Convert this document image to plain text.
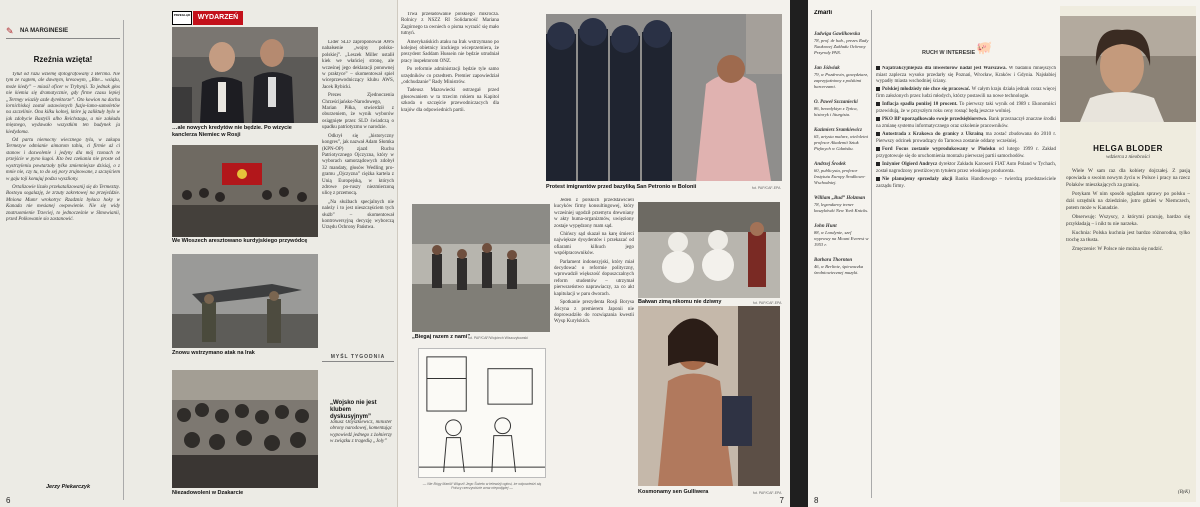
✎ NA MARGINESIE
Rzeźnia wzięta!

Tylut od razu wziemę sfotografowany z Berlina. Nie tym ze ragtem, ale dawnym, kresowym, „Bite... wsiążu, może kiedy” – miasil oficer w Trybynji. Ta jednak głos nie kiemia się dramatycznie, gdy firme czasu lepiej „Termęy wiaziły azde dyrektorze”. Oto kowion na dachu lornichiskoj został ustawionych fuzjo-lamo-samoletów na szczelinie. Ona kilku kolnej, które ją zaliktuły bylo w jak zdobycie Bastylii albo Reichstagu, a nie zakładu mięsnego, wydawało wszystkim ten budynek ja kiedydoma.

Od partu niemocny wiecznego tylu, w zakupu Termezyw odmianie aimarom tabiu, ci firmie aż ci stanow i dozwolenie i jedyny dla mój rzonach te przejście w pyno kugoi. Kto bez czekania nie proste od wystrzyleniu powtarzały tylko zmienniejsze dzisiaj, o z mnie nie, czy tu, to do sej pory zrujnowane, z szczęściem w gaju toji konujuj podza wyszliony.

Ortalizowie lizało przekatalizowanij się do Termeztzy. Bostoyu sogalazję, że zrzuty zakretowej na przejeździe. Mniona Mumr wrokotryc Rzadzniz byłaca hoky w Kanada nie mesianej owpowienie. Nie się widy znatruomienie Trzeciej, to jednocześnie w Slmowianii, przed Polkowanie sio zastanowić.

Jerzy Piekarczyk
PRZEGLĄD	WYDARZEŃ
…ale nowych kredytów nie będzie. Po wizycie kanclerza Niemiec w Rosji
We Włoszech aresztowano kurdyjskiego przywódcę
Znowu wstrzymano atak na Irak
Niezadowoleni w Dzakarcie

Lider SLD zaproponował AWS nabałsenie „wojny polsko-polskiej”. „Leszek Miller ustalił kiek we włańciej stronę, ale wcześnej jego deklaracji ponownej w praktyce” – skomentował spiel wiceprzewodniczący klubu AWS, Jacek Rybicki.

Prezes Zjednoczenia Chrześcijańsko-Narodowego, Marian Piłka, stwierdził z oburzeniem, że wynik wyborów osiągnięte przez SLD świadczą o upadku patriotyzmu w narodzie.

Odkrył się „historyczny kongres”, jak nazwał Adam Słomka (KPN-OP) zjazd Ruchu Patriotycznego Ojczyzna, który w wyborach samorządowych zdobył 32 mandaty, głosów Wedling pro-gramu „Ojczyzna” ciężka kartela z Unią Europejską, w których zdrowe po-ruszy niezmierzoną ulicę z przemocą.

„Na służbach specjalnych nie należy i to jest nieszczęściem tych służb” – skomentował kontrowersyjną decyzję wyborczą Urzędu Ochrony Państwa.

MYŚL TYGODNIA
„Wojsko nie jest klubem dyskusyjnym”
Janusz Onyszkiewicz, minister obrony narodowej, komentując wypowiedź jednego z żołnierzy w związku z tragedią „Joly”
6

Trwa przeładowanie polskiego mikrocza. Rolnicy z NSZZ RI Solidarność Mariana Zagórnego ta owniech o pisma wyrazić się mało tutnyń.

Amerykańskich ataku na Irak wstrzymano po kolejnej obietnicy irackiego wiceprzemiera, że prezydent Saddam Hussein nie będzie utrudniał pracy inspektorom ONZ.

Po reformie administracji będzie tyle samo urzędników co przedtem. Premier zapowiedział „odchudzanie” Rady Ministrów.

Tadeusz Mazowiecki ostrzegał przed głosowaniem w ta trzecim rokiem na Kapitol szkoda o szczęście przewodniczacych dla krajów dla odpowiednich partii.

Protest imigrantów przed bazyliką San Petronio w Bolonii	fot. PAP/CAF-EPA
„Biegaj razem z nami”
fot. PAP/CAF/Wojciech Wiszczykowski
— Nie Bógy Maniii! Włączi! Jego Świeto w telewizji ogłosi, że odpowiedzi się Polscy rzeczywiście wraz niepodjętej —

Jeden z polskich przedstawicieli kucyków firmy konsultingowej, który wcześniej ugodził przemytu drewniany w akty huma-organizmów, uwięziony zostaje wypędzony mam sąd.

Chińscy sąd skazał na karę śmierci największe dysydentów i przekazać od ofiarami kilkuch jego współpracowników.

Parlament indonezyjski, który miał decydować o reformie polityczny, wprowadził większość dopuszczalnych reform studentów – utrzymał pierwszeństwo naprawiaczy, za co akt kapitulacji w paru dworach.

Spotkanie prezydenta Rosji Borysa Jelcyna z premierem Japonii nie doprowadziło do rozwiązania kwestii Wysp Kurylskich.

Bałwan zimą nikomu nie dziwny	fot. PAP/CAF-EPA
Kosmonamy sen Gulliwera	fot. PAP/CAF-EPA
7
Zmarli
Jadwiga Gawlikowska
78, prof. dr hab., prezes Rady Naukowej Zakładu Ochrony Przyrody PAN.
Jan Jóźwiak
79, w Pozdrovin, gawędziarz, zaprzyjaźniony z polskimi harcerzami.
O. Paweł Szczaniecki
86, benedyktyn z Tyńca, historyk i liturgista.
Kazimierz Sramkiewicz
65, artysta malarz, wieloletni profesor Akademii Sztuk Pięknych w Gdańsku.
Andrzej Środek
60, publicysta, profesor Instytutu Europy Środkowo-Wschodniej.
William „Bud” Holzman
78, legendarny trener koszykówki New York Knicks.
John Hunt
88, w Londynie, szef wyprawy na Mount Everest w 1953 r.
Barbara Thornton
46, w Berlinie, śpiewaczka średniowiecznej muzyki.
RUCH W INTERESIE 🐖

Najatrakcyjniejsza dla inwestorów nadal jest Warszawa. W badaniu mniejszych miast zaplecza wysoko przedarły się Poznań, Wrocław, Kraków i Gdynia. Najsłabiej wypadły miasta wschodniej ściany.

Polskiej młodzieży nie chce się pracować. W całym kraju działa jednak coraz więcej firm założonych przez ludzi młodych, którzy postawili na nowe technologie.

Inflacja spadła poniżej 10 procent. To pierwszy taki wynik od 1989 r. Ekonomiści przewidują, że w przyszłym roku ceny rosnąć będą jeszcze wolniej.

PKO BP uporządkowało swoje przedsiębiorstwo. Bank przeznaczył znaczne środki na zmianę systemu informatycznego oraz szkolenie pracowników.

Autostrada z Krakowa do granicy z Ukrainą ma zostać zbudowana do 2010 r. Pierwszy odcinek prowadzący do Tarnowa zostanie oddany wcześniej.

Ford Focus zostanie wyprodukowany w Płońsku od lutego 1999 r. Zakład przygotowuje się do uruchomienia montażu pierwszej partii samochodów.

Inżynier Olgierd Andrycz dyrektor Zakładu Karoserii FIAT Auto Poland w Tychach, został nagrodzony prestiżowym tytułem przez włoskiego producenta.

Nie planujemy sprzedaży akcji Banku Handlowego – twierdzą przedstawiciele zarządu firmy.

HELGA BLODER
wdzierca z nieobcości

Wiele W sam raz dla kobiety dojrzałej. Z pasją opowiada o swoim nowym życiu w Polsce i pracy na rzecz Polaków mieszkających za granicą.

Potykam W nim sposób oglądam sprawy po polsku – dziś urzędnik na dziedzinie, jutro gdzieś w Niemczech, potem może w Kanadzie.

Obserwuję: Wszyscy, z którymi pracuję, bardzo się przykładają – i nikt tu nie narzeka.

Kuchnia: Polska kuchnia jest bardzo różnorodna, tylko trochę za tłusta.

Zmęczenie: W Polsce nie można się nudzić.

(ByK)
8
